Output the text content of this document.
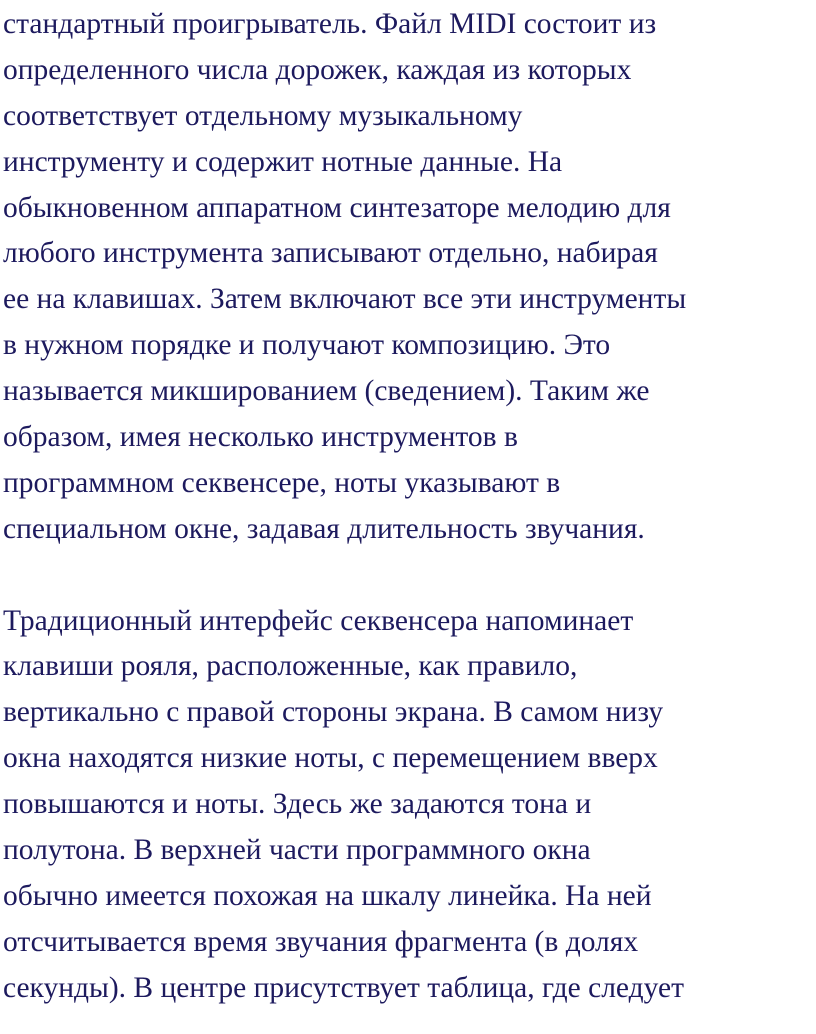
стандартный проигрыватель. Файл MIDI состоит из
определенного числа дорожек, каждая из которых
соответствует отдельному музыкальному
инструменту и содержит нотные данные. На
обыкновенном аппаратном синтезаторе мелодию для
любого инструмента записывают отдельно, набирая
ее на клавишах. Затем включают все эти инструменты
в нужном порядке и получают композицию. Это
называется микшированием (сведением). Таким же
образом, имея несколько инструментов в
программном секвенсере, ноты указывают в
специальном окне, задавая длительность звучания.
Традиционный интерфейс секвенсера напоминает
клавиши рояля, расположенные, как правило,
вертикально с правой стороны экрана. В самом низу
окна находятся низкие ноты, с перемещением вверх
повышаются и ноты. Здесь же задаются тона и
полутона. В верхней части программного окна
обычно имеется похожая на шкалу линейка. На ней
отсчитывается время звучания фрагмента (в долях
секунды). В центре присутствует таблица, где следует
